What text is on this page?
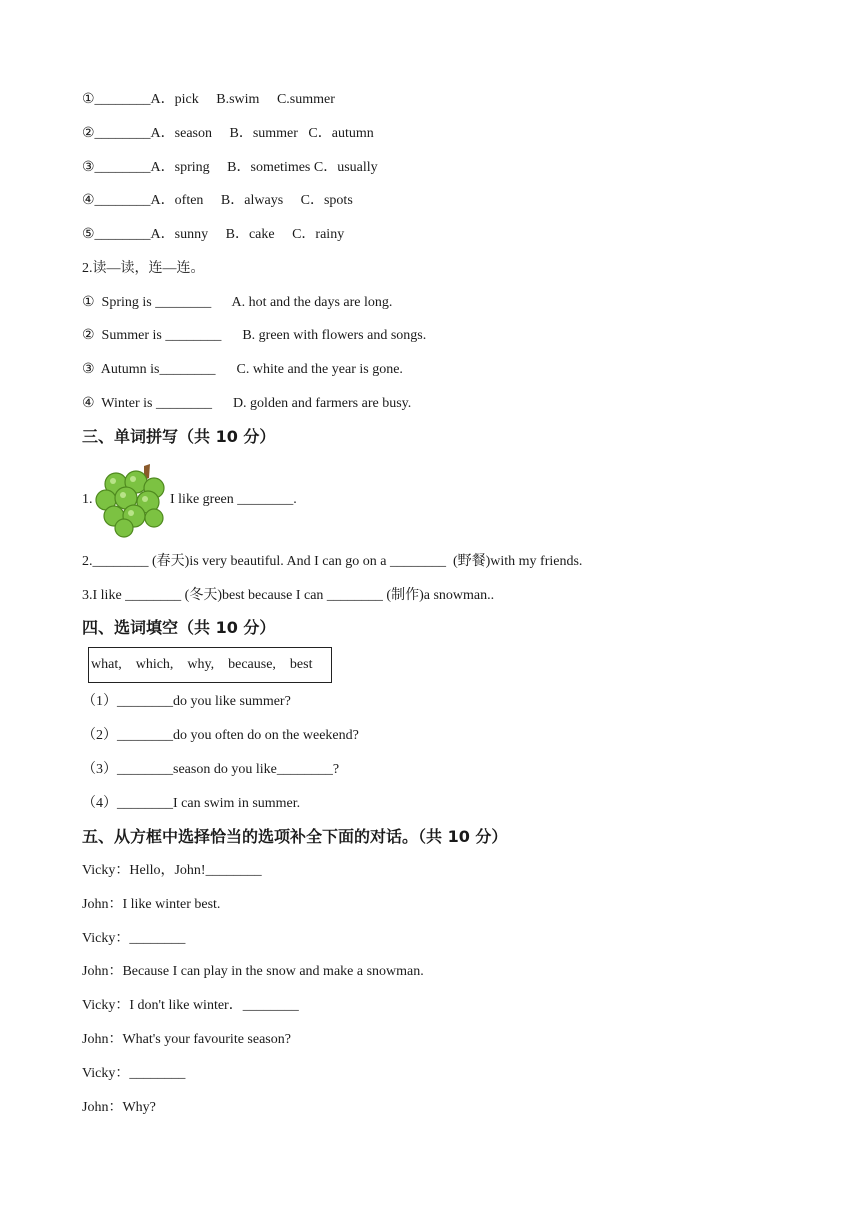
①________A．pick     B.swim     C.summer
②________A．season     B．summer   C．autumn
③________A．spring     B．sometimes C．usually
④________A．often     B．always     C．spots
⑤________A．sunny     B．cake     C．rainy
2.读—读，连—连。
①  Spring is ________      A. hot and the days are long.
②  Summer is ________      B. green with flowers and songs.
③  Autumn is________      C. white and the year is gone.
④  Winter is ________      D. golden and farmers are busy.
三、单词拼写（共 10 分）
1.	I like green ________.
2.________ (春天)is very beautiful. And I can go on a ________  (野餐)with my friends.
3.I like ________ (冬天)best because I can ________ (制作)a snowman..
四、选词填空（共 10 分）
what,    which,    why,    because,    best
（1）________do you like summer?
（2）________do you often do on the weekend?
（3）________season do you like________?
（4）________I can swim in summer.
五、从方框中选择恰当的选项补全下面的对话。（共 10 分）
Vicky：Hello，John!________
John：I like winter best.
Vicky：________
John：Because I can play in the snow and make a snowman.
Vicky：I don't like winter．________
John：What's your favourite season?
Vicky：________
John：Why?
